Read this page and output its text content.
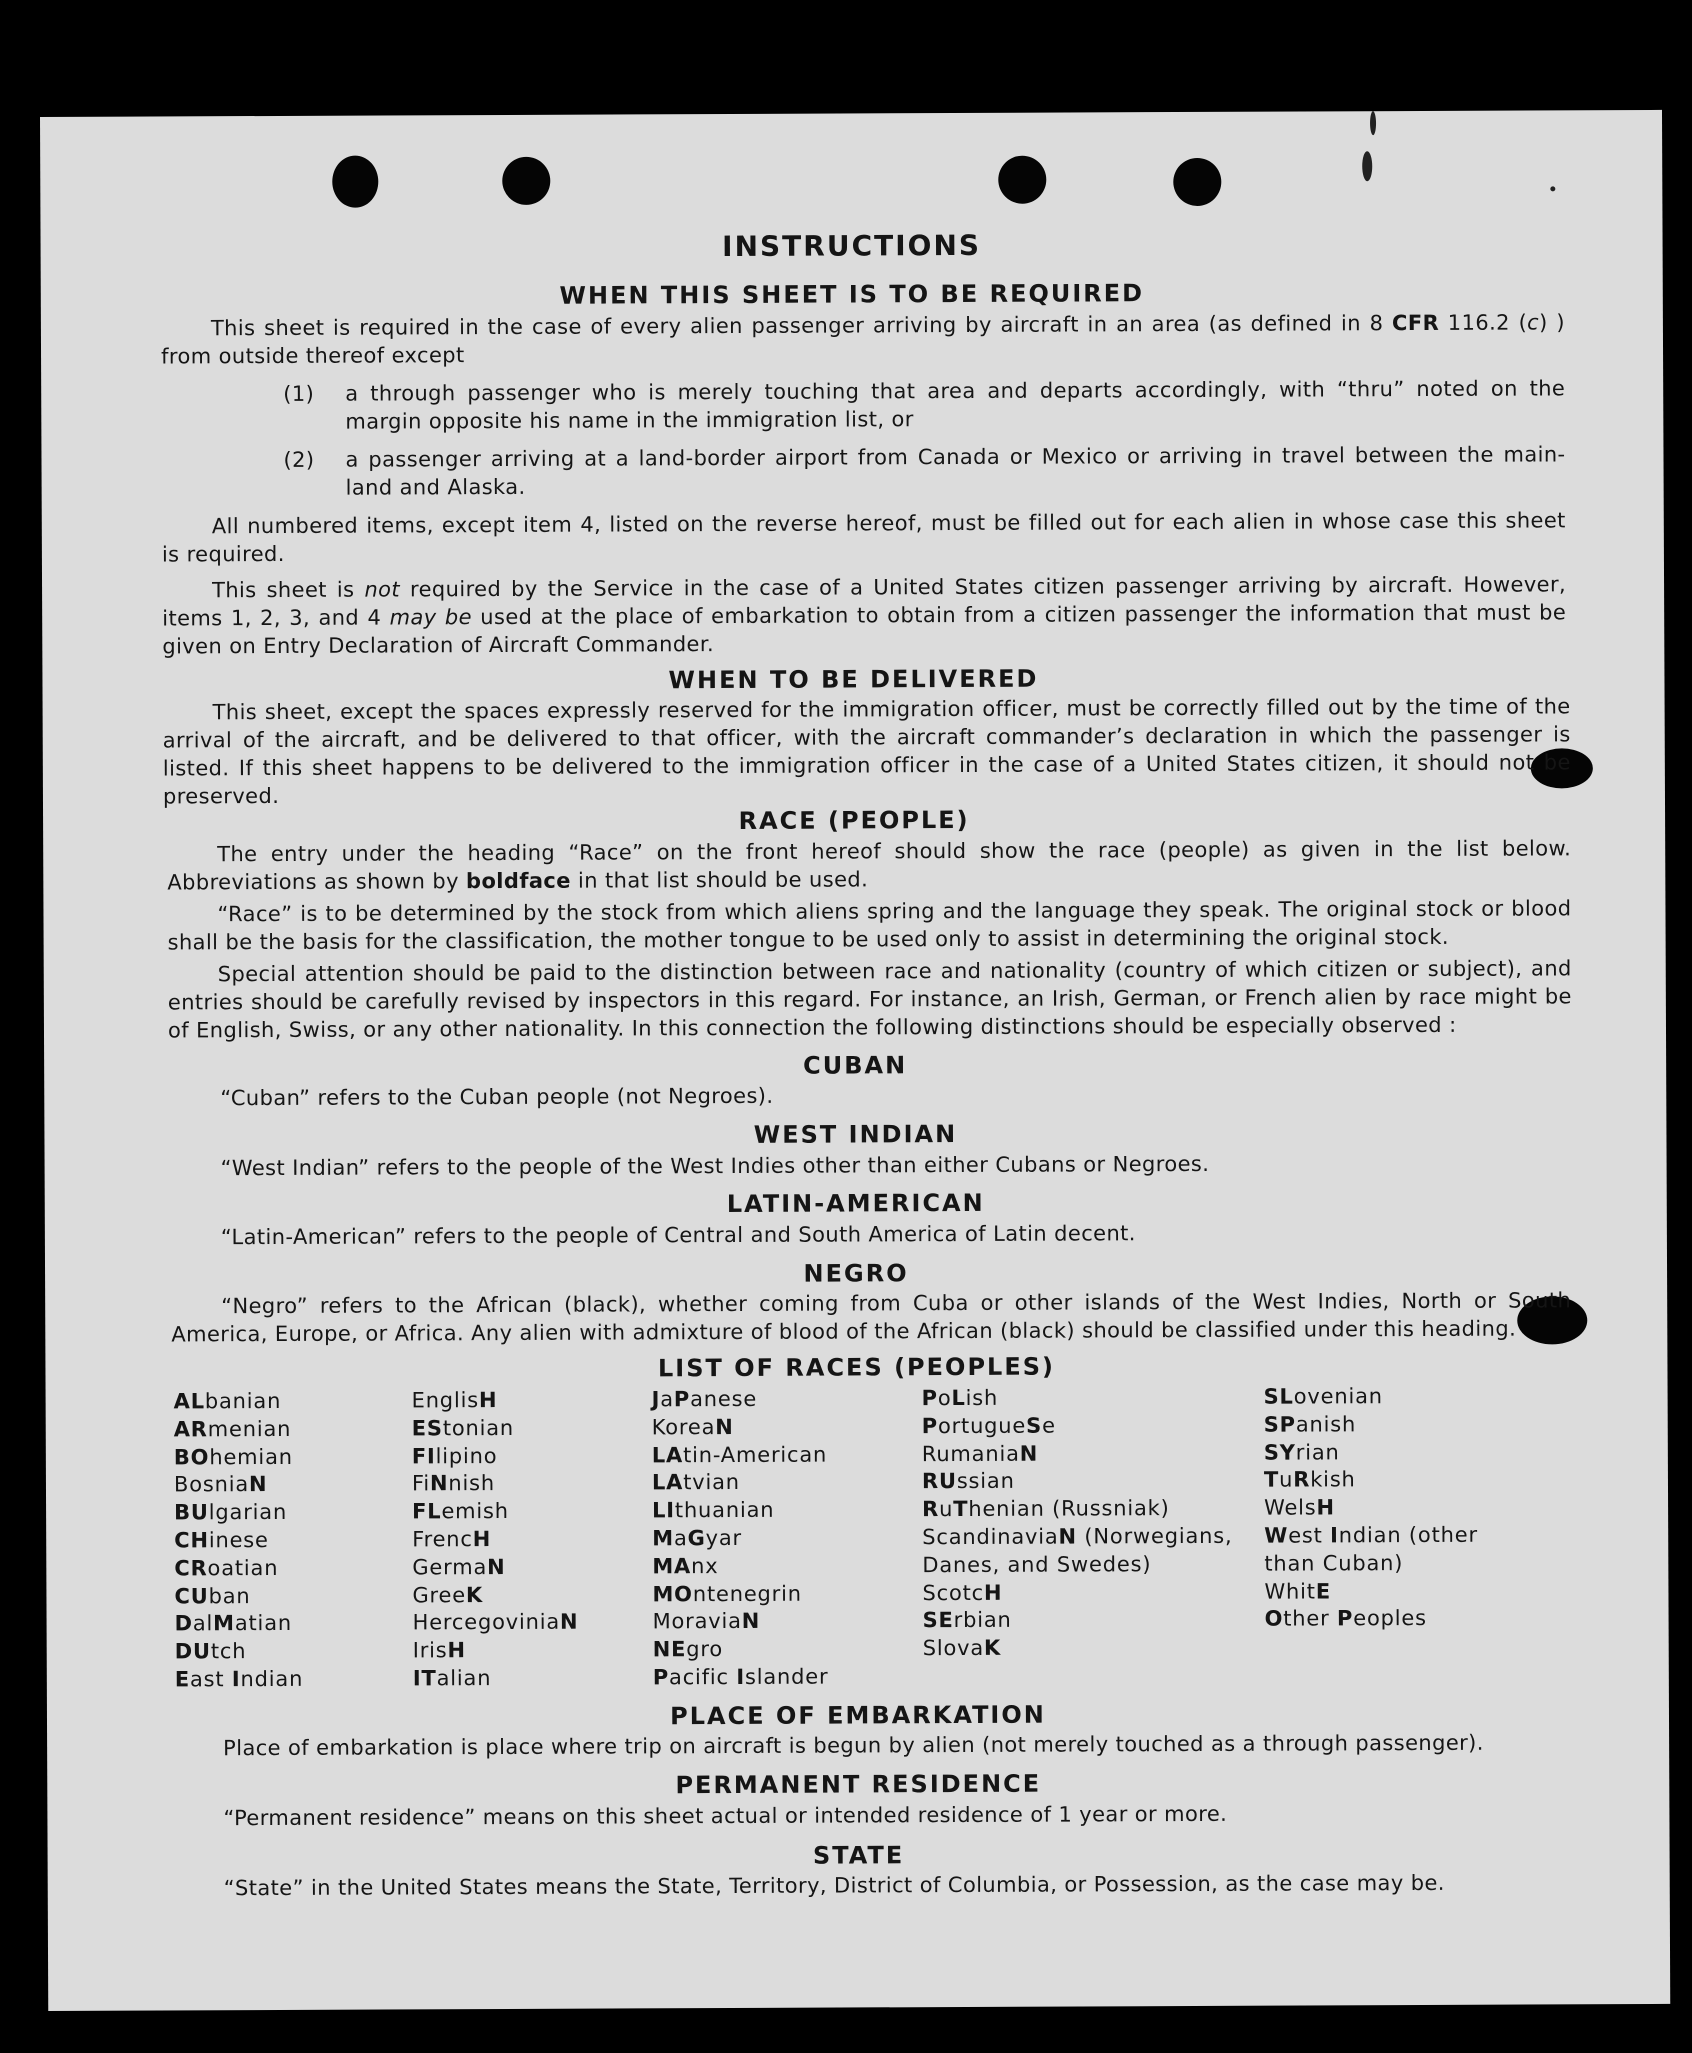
INSTRUCTIONS
WHEN THIS SHEET IS TO BE REQUIRED
This sheet is required in the case of every alien passenger arriving by aircraft in an area (as defined in 8 CFR 116.2 (c) ) from outside thereof except
(1) a through passenger who is merely touching that area and departs accordingly, with “thru” noted on the margin opposite his name in the immigration list, or
(2) a passenger arriving at a land-border airport from Canada or Mexico or arriving in travel between the main-land and Alaska.
All numbered items, except item 4, listed on the reverse hereof, must be filled out for each alien in whose case this sheet is required.
This sheet is not required by the Service in the case of a United States citizen passenger arriving by aircraft. However, items 1, 2, 3, and 4 may be used at the place of embarkation to obtain from a citizen passenger the information that must be given on Entry Declaration of Aircraft Commander.
WHEN TO BE DELIVERED
This sheet, except the spaces expressly reserved for the immigration officer, must be correctly filled out by the time of the arrival of the aircraft, and be delivered to that officer, with the aircraft commander’s declaration in which the passenger is listed. If this sheet happens to be delivered to the immigration officer in the case of a United States citizen, it should not be preserved.
RACE (PEOPLE)
The entry under the heading “Race” on the front hereof should show the race (people) as given in the list below. Abbreviations as shown by boldface in that list should be used.
“Race” is to be determined by the stock from which aliens spring and the language they speak. The original stock or blood shall be the basis for the classification, the mother tongue to be used only to assist in determining the original stock.
Special attention should be paid to the distinction between race and nationality (country of which citizen or subject), and entries should be carefully revised by inspectors in this regard. For instance, an Irish, German, or French alien by race might be of English, Swiss, or any other nationality. In this connection the following distinctions should be especially observed :
CUBAN
“Cuban” refers to the Cuban people (not Negroes).
WEST INDIAN
“West Indian” refers to the people of the West Indies other than either Cubans or Negroes.
LATIN-AMERICAN
“Latin-American” refers to the people of Central and South America of Latin decent.
NEGRO
“Negro” refers to the African (black), whether coming from Cuba or other islands of the West Indies, North or South America, Europe, or Africa. Any alien with admixture of blood of the African (black) should be classified under this heading.
LIST OF RACES (PEOPLES)
ALbanian
ARmenian
BOhemian
BosniaN
BUlgarian
CHinese
CRoatian
CUban
DalMatian
DUtch
East Indian
EnglisH
EStonian
FIlipino
FiNnish
FLemish
FrencH
GermaN
GreeK
HercegoviniaN
IrisH
ITalian
JaPanese
KoreaN
LAtin-American
LAtvian
LIthuanian
MaGyar
MAnx
MOntenegrin
MoraviaN
NEgro
Pacific Islander
PoLish
PortugueSe
RumaniaN
RUssian
RuThenian (Russniak)
ScandinaviaN (Norwegians, Danes, and Swedes)
ScotcH
SErbian
SlovaK
SLovenian
SPanish
SYrian
TuRkish
WelsH
West Indian (other than Cuban)
WhitE
Other Peoples
PLACE OF EMBARKATION
Place of embarkation is place where trip on aircraft is begun by alien (not merely touched as a through passenger).
PERMANENT RESIDENCE
“Permanent residence” means on this sheet actual or intended residence of 1 year or more.
STATE
“State” in the United States means the State, Territory, District of Columbia, or Possession, as the case may be.
